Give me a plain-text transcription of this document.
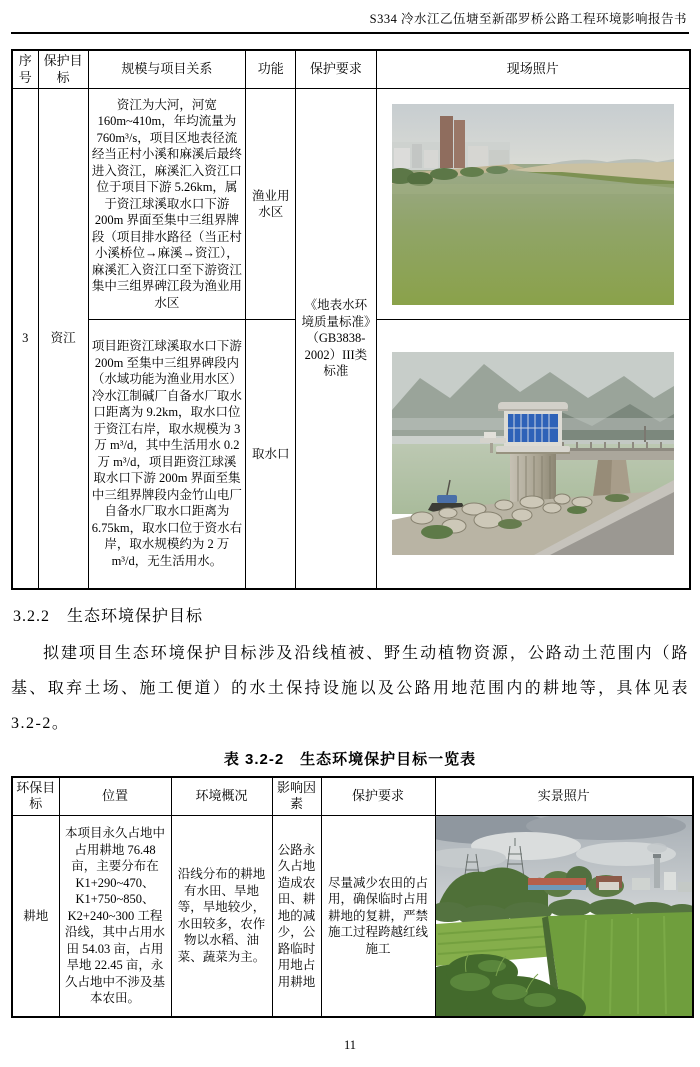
S334 冷水江乙伍塘至新邵罗桥公路工程环境影响报告书
序号	保护目标	规模与项目关系	功能	保护要求	现场照片
3	资江	资江为大河，河宽160m~410m，年均流量为 760m³/s，项目区地表径流经当正村小溪和麻溪后最终进入资江，麻溪汇入资江口位于项目下游 5.26km，属于资江球溪取水口下游 200m 界面至集中三组界牌段（项目排水路径（当正村小溪桥位→麻溪→资江），麻溪汇入资江口至下游资江集中三组界碑江段为渔业用水区	渔业用水区	《地表水环境质量标准》（GB3838-2002）III类标准	

		项目距资江球溪取水口下游 200m 至集中三组界碑段内（水域功能为渔业用水区）冷水江制碱厂自备水厂取水口距离为 9.2km，取水口位于资江右岸，取水规模为 3 万 m³/d，其中生活用水 0.2 万 m³/d，项目距资江球溪取水口下游 200m 界面至集中三组界牌段内金竹山电厂自备水厂取水口距离为 6.75km，取水口位于资水右岸，取水规模约为 2 万 m³/d，无生活用水。	取水口	
3.2.2　生态环境保护目标

拟建项目生态环境保护目标涉及沿线植被、野生动植物资源，公路动土范围内（路基、取弃土场、施工便道）的水土保持设施以及公路用地范围内的耕地等，具体见表3.2-2。

表 3.2-2　生态环境保护目标一览表
环保目标	位置	环境概况	影响因素	保护要求	实景照片
耕地	本项目永久占地中占用耕地 76.48 亩，主要分布在 K1+290~470、K1+750~850、K2+240~300 工程沿线，其中占用水田 54.03 亩，占用旱地 22.45 亩，永久占地中不涉及基本农田。	沿线分布的耕地有水田、旱地等，旱地较少，水田较多，农作物以水稻、油菜、蔬菜为主。	公路永久占地造成农田、耕地的减少，公路临时用地占用耕地	尽量减少农田的占用，确保临时占用耕地的复耕，严禁施工过程跨越红线施工	
11
